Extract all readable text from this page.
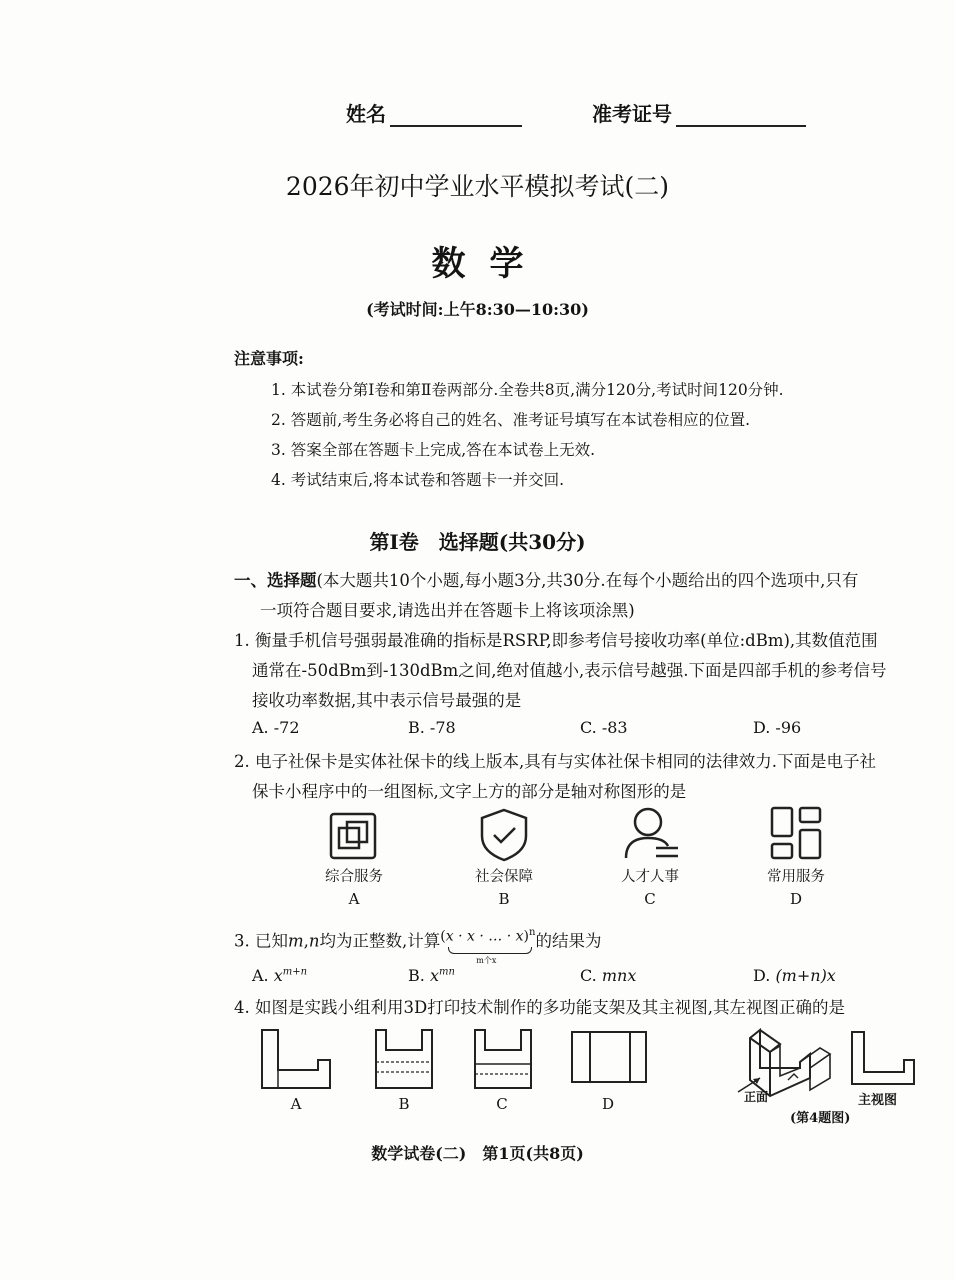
姓名	准考证号
2026年初中学业水平模拟考试(二)
数学
(考试时间:上午8:30—10:30)
注意事项:
1. 本试卷分第Ⅰ卷和第Ⅱ卷两部分.全卷共8页,满分120分,考试时间120分钟.
2. 答题前,考生务必将自己的姓名、准考证号填写在本试卷相应的位置.
3. 答案全部在答题卡上完成,答在本试卷上无效.
4. 考试结束后,将本试卷和答题卡一并交回.
第Ⅰ卷　选择题(共30分)
一、选择题(本大题共10个小题,每小题3分,共30分.在每个小题给出的四个选项中,只有
一项符合题目要求,请选出并在答题卡上将该项涂黑)
1. 衡量手机信号强弱最准确的指标是RSRP,即参考信号接收功率(单位:dBm),其数值范围
通常在-50dBm到-130dBm之间,绝对值越小,表示信号越强.下面是四部手机的参考信号
接收功率数据,其中表示信号最强的是
A. -72	B. -78	C. -83	D. -96
2. 电子社保卡是实体社保卡的线上版本,具有与实体社保卡相同的法律效力.下面是电子社
保卡小程序中的一组图标,文字上方的部分是轴对称图形的是
综合服务	社会保障	人才人事	常用服务
A	B	C	D
3. 已知m,n均为正整数,计算(x · x · … · x)$^n$
m个x
的结果为
A. $x^{m+n}$	B. $x^{mn}$	C. mnx	D. (m+n)x
4. 如图是实践小组利用3D打印技术制作的多功能支架及其主视图,其左视图正确的是
A	B	C	D	正面	主视图
(第4题图)
数学试卷(二)　第1页(共8页)
